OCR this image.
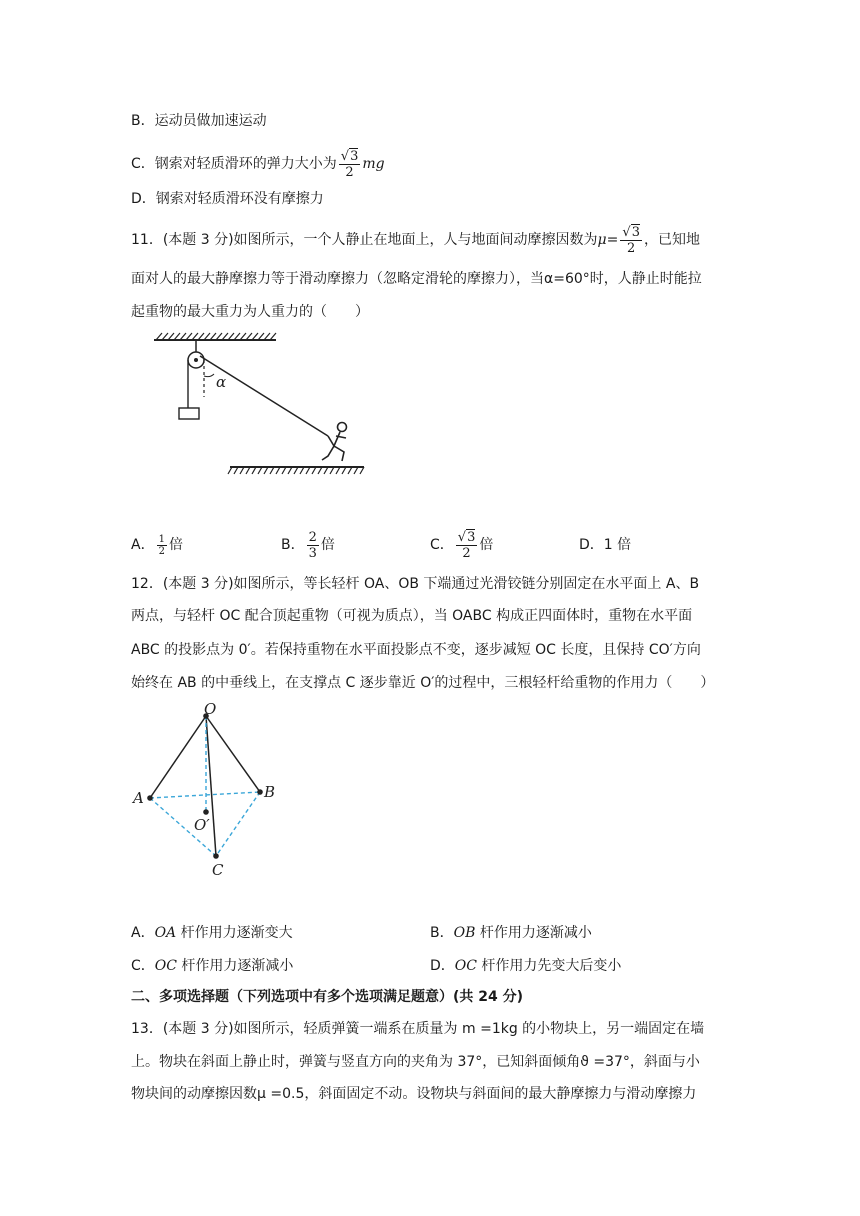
B．运动员做加速运动
C．钢索对轻质滑环的弹力大小为 $\frac{√3}{2}$ mg
D．钢索对轻质滑环没有摩擦力
11．(本题 3 分)如图所示，一个人静止在地面上，人与地面间动摩擦因数为$\mu= \frac{√3}{2}$ ，已知地
面对人的最大静摩擦力等于滑动摩擦力（忽略定滑轮的摩擦力），当α=60°时，人静止时能拉
起重物的最大重力为人重力的（　　）
α
A． $\frac{1}{2}$ 倍	B． $\frac{2}{3}$ 倍	C． $\frac{√3}{2}$ 倍	D．1 倍
12．(本题 3 分)如图所示，等长轻杆 OA、OB 下端通过光滑铰链分别固定在水平面上 A、B
两点，与轻杆 OC 配合顶起重物（可视为质点），当 OABC 构成正四面体时，重物在水平面
ABC 的投影点为 0′。若保持重物在水平面投影点不变，逐步减短 OC 长度，且保持 CO′方向
始终在 AB 的中垂线上，在支撑点 C 逐步靠近 O′的过程中，三根轻杆给重物的作用力（　　）
O
A	B
O′
C
A．OA 杆作用力逐渐变大	B．OB 杆作用力逐渐减小
C．OC 杆作用力逐渐减小	D．OC 杆作用力先变大后变小
二、多项选择题（下列选项中有多个选项满足题意）(共 24 分)
13．(本题 3 分)如图所示，轻质弹簧一端系在质量为 m =1kg 的小物块上，另一端固定在墙
上。物块在斜面上静止时，弹簧与竖直方向的夹角为 37°，已知斜面倾角ϑ =37°，斜面与小
物块间的动摩擦因数μ =0.5，斜面固定不动。设物块与斜面间的最大静摩擦力与滑动摩擦力
